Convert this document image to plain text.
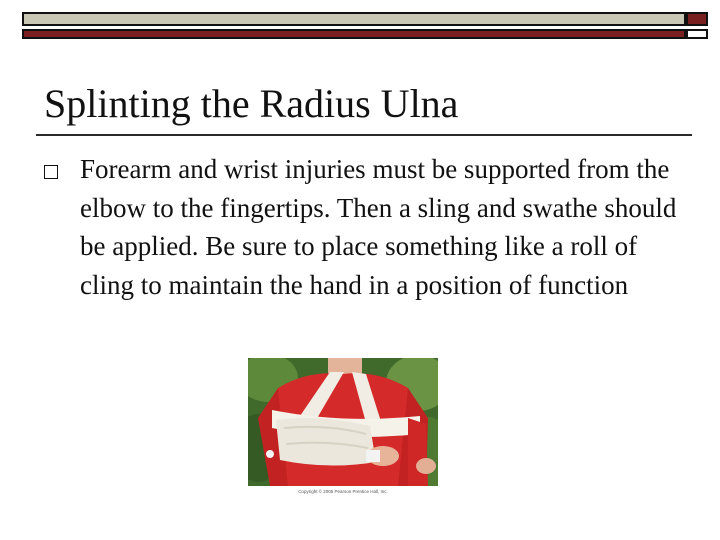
Splinting the Radius Ulna

Forearm and wrist injuries must be supported from the elbow to the fingertips. Then a sling and swathe should be applied. Be sure to place something like a roll of cling to maintain the hand in a position of function

Copyright © 2005 Pearson Prentice Hall, Inc.
